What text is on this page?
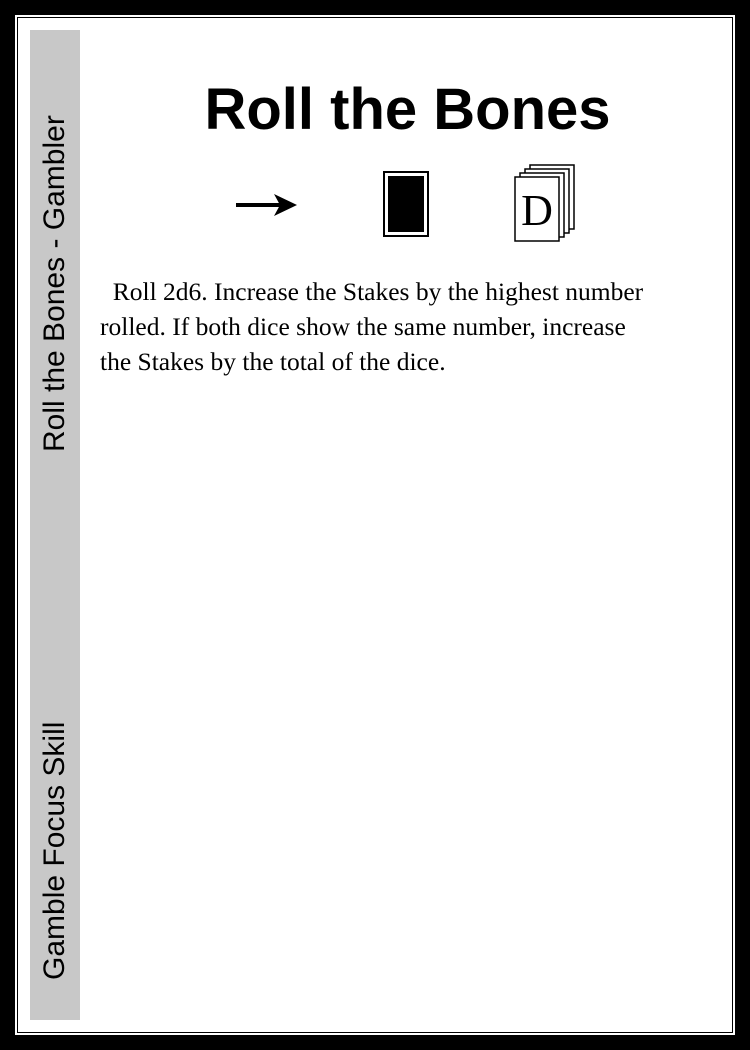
Roll the Bones - Gambler
Gamble Focus Skill
Roll the Bones
D

Roll 2d6. Increase the Stakes by the highest number rolled. If both dice show the same number, increase the Stakes by the total of the dice.
